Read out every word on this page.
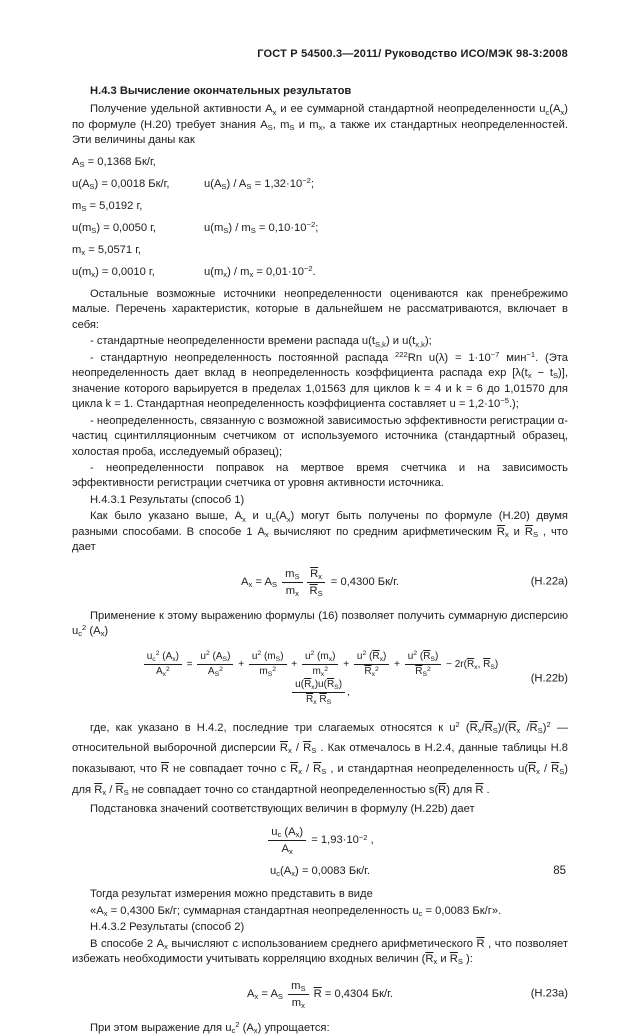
ГОСТ Р 54500.3—2011/ Руководство ИСО/МЭК 98-3:2008
Н.4.3 Вычисление окончательных результатов

Получение удельной активности $A_x$ и ее суммарной стандартной неопределенности $u_c(A_x)$ по формуле (Н.20) требует знания $A_S$, $m_S$ и $m_x$, а также их стандартных неопределенностей. Эти величины даны как

$A_S = 0,1368$ Бк/г,
$u(A_S) = 0,0018$ Бк/г,	$u(A_S) / A_S = 1,32\cdot 10^{-2}$;
$m_S = 5,0192$ г,
$u(m_S) = 0,0050$ г,	$u(m_S) / m_S = 0,10\cdot 10^{-2}$;
$m_x = 5,0571$ г,
$u(m_x) = 0,0010$ г,	$u(m_x) / m_x = 0,01\cdot 10^{-2}$.

Остальные возможные источники неопределенности оцениваются как пренебрежимо малые. Перечень характеристик, которые в дальнейшем не рассматриваются, включает в себя:

- стандартные неопределенности времени распада $u(t_{S,k})$ и $u(t_{x,k})$;

- стандартную неопределенность постоянной распада $^{222}$Rn $u(\lambda) = 1\cdot 10^{-7}$ мин$^{-1}$. (Эта неопределенность дает вклад в неопределенность коэффициента распада $\exp [\lambda(t_x - t_S)]$, значение которого варьируется в пределах 1,01563 для циклов k = 4 и k = 6 до 1,01570 для цикла k = 1. Стандартная неопределенность коэффициента составляет $u = 1,2\cdot 10^{-5}$.);

- неопределенность, связанную с возможной зависимостью эффективности регистрации α-частиц сцинтилляционным счетчиком от используемого источника (стандартный образец, холостая проба, исследуемый образец);

- неопределенности поправок на мертвое время счетчика и на зависимость эффективности регистрации счетчика от уровня активности источника.

Н.4.3.1 Результаты (способ 1)

Как было указано выше, $A_x$ и $u_c(A_x)$ могут быть получены по формуле (Н.20) двумя разными способами. В способе 1 $A_x$ вычисляют по средним арифметическим $\overline{R}_x$ и $\overline{R}_S$ , что дает

$A_x = A_S \frac{m_S}{m_x} \frac{\overline{R}_x}{\overline{R}_S} = 0,4300$ Бк/г.	(Н.22а)

Применение к этому выражению формулы (16) позволяет получить суммарную дисперсию $u_c^2$ $(A_x)$

$\frac{u_c^2 (A_x)}{A_x^2} = \frac{u^2 (A_S)}{A_S^2} + \frac{u^2 (m_S)}{m_S^2} + \frac{u^2 (m_x)}{m_x^2} + \frac{u^2 (\overline{R}_x)}{\overline{R}_x^2} + \frac{u^2 (\overline{R}_S)}{\overline{R}_S^2} - 2r(\overline{R}_x$, $\overline{R}_S$)
$\frac{u(\overline{R}_x)u(\overline{R}_S)}{\overline{R}_x \overline{R}_S}$ ,
(Н.22b)

где, как указано в Н.4.2, последние три слагаемых относятся к $u^2$ $(\overline{R}_x/\overline{R}_S)/(\overline{R}_x$ $/\overline{R}_S)^2$ — относительной выборочной дисперсии $\overline{R}_x / \overline{R}_S$ . Как отмечалось в Н.2.4, данные таблицы Н.8 показывают, что $\overline{R}$ не совпадает точно с $\overline{R}_x / \overline{R}_S$ , и стандартная неопределенность $u(\overline{R}_x / \overline{R}_S)$ для $\overline{R}_x / \overline{R}_S$ не совпадает точно со стандартной неопределенностью $s(\overline{R})$ для $\overline{R}$ .

Подстановка значений соответствующих величин в формулу (Н.22b) дает

$\frac{u_c (A_x)}{A_x} = 1,93\cdot 10^{-2}$ ,
$u_c(A_x) = 0,0083$ Бк/г.

Тогда результат измерения можно представить в виде

«$A_x = 0,4300$ Бк/г; суммарная стандартная неопределенность $u_c = 0,0083$ Бк/г».

Н.4.3.2 Результаты (способ 2)

В способе 2 $A_x$ вычисляют с использованием среднего арифметического $\overline{R}$ , что позволяет избежать необходимости учитывать корреляцию входных величин ($\overline{R}_x$ и $\overline{R}_S$ ):

$A_x = A_S \frac{m_S}{m_x} \overline{R} = 0,4304$ Бк/г.	(Н.23а)

При этом выражение для $u_c^2$ $(A_x)$ упрощается:

85
